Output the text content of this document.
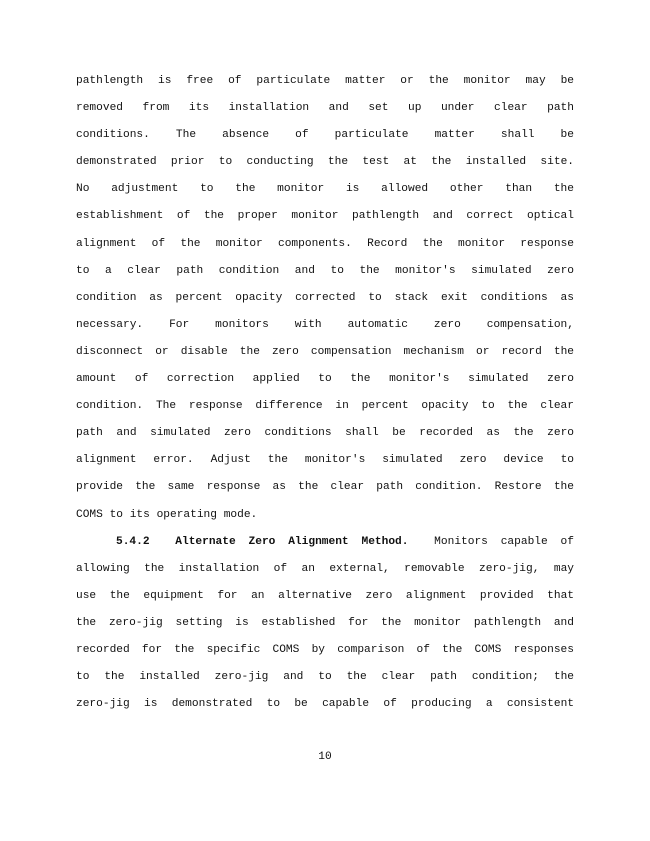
pathlength is free of particulate matter or the monitor may be
removed from its installation and set up under clear path
conditions. The absence of particulate matter shall be
demonstrated prior to conducting the test at the installed site.
No adjustment to the monitor is allowed other than the
establishment of the proper monitor pathlength and correct optical
alignment of the monitor components. Record the monitor response
to a clear path condition and to the monitor's simulated zero
condition as percent opacity corrected to stack exit conditions as
necessary. For monitors with automatic zero compensation,
disconnect or disable the zero compensation mechanism or record the
amount of correction applied to the monitor's simulated zero
condition. The response difference in percent opacity to the clear
path and simulated zero conditions shall be recorded as the zero
alignment error. Adjust the monitor's simulated zero device to
provide the same response as the clear path condition. Restore the
COMS to its operating mode.
5.4.2 Alternate Zero Alignment Method. Monitors capable of
allowing the installation of an external, removable zero-jig, may
use the equipment for an alternative zero alignment provided that
the zero-jig setting is established for the monitor pathlength and
recorded for the specific COMS by comparison of the COMS responses
to the installed zero-jig and to the clear path condition; the
zero-jig is demonstrated to be capable of producing a consistent
10
